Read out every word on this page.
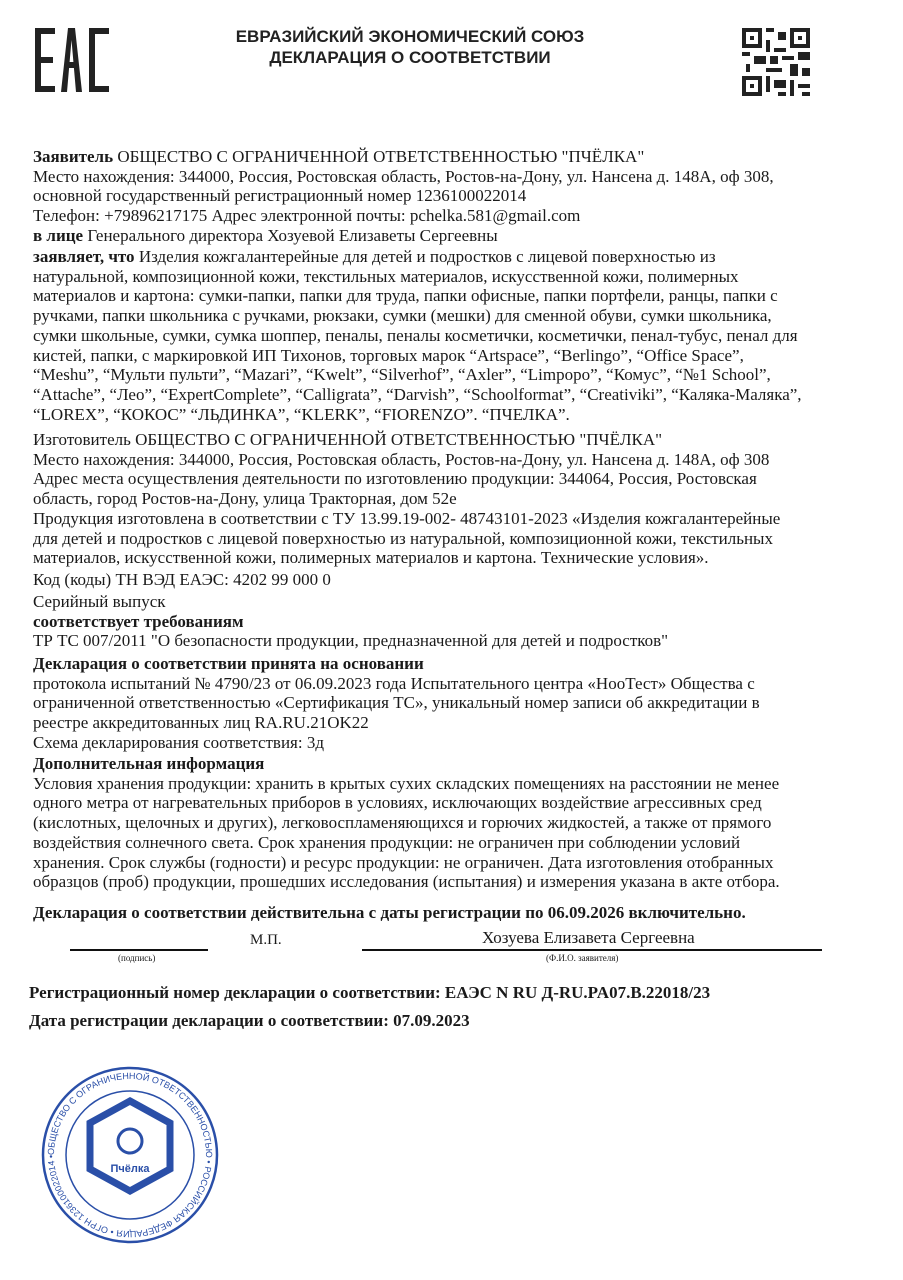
ЕВРАЗИЙСКИЙ ЭКОНОМИЧЕСКИЙ СОЮЗ
ДЕКЛАРАЦИЯ О СООТВЕТСТВИИ
Заявитель ОБЩЕСТВО С ОГРАНИЧЕННОЙ ОТВЕТСТВЕННОСТЬЮ "ПЧЁЛКА"
Место нахождения: 344000, Россия, Ростовская область, Ростов-на-Дону, ул. Нансена д. 148А, оф 308,
основной государственный регистрационный номер 1236100022014
Телефон: +79896217175 Адрес электронной почты: pchelka.581@gmail.com
в лице Генерального директора Хозуевой Елизаветы Сергеевны
заявляет, что Изделия кожгалантерейные для детей и подростков с лицевой поверхностью из
натуральной, композиционной кожи, текстильных материалов, искусственной кожи, полимерных
материалов и картона: сумки-папки, папки для труда, папки офисные, папки портфели, ранцы, папки с
ручками, папки школьника с ручками, рюкзаки, сумки (мешки) для сменной обуви, сумки школьника,
сумки школьные, сумки, сумка шоппер, пеналы, пеналы косметички, косметички, пенал-тубус, пенал для
кистей, папки, с маркировкой ИП Тихонов, торговых марок “Artspace”, “Berlingo”, “Office Space”,
“Meshu”, “Мульти пульти”, “Mazari”, “Kwelt”, “Silverhof”, “Axler”, “Limpopo”, “Комус”, “№1 School”,
“Attache”, “Лео”, “ExpertComplete”, “Calligrata”, “Darvish”, “Schoolformat”, “Creativiki”, “Каляка-Маляка”,
“LOREX”, “КОКОС” “ЛЬДИНКА”, “KLERK”, “FIORENZO”. “ПЧЕЛКА”.
Изготовитель ОБЩЕСТВО С ОГРАНИЧЕННОЙ ОТВЕТСТВЕННОСТЬЮ "ПЧЁЛКА"
Место нахождения: 344000, Россия, Ростовская область, Ростов-на-Дону, ул. Нансена д. 148А, оф 308
Адрес места осуществления деятельности по изготовлению продукции: 344064, Россия, Ростовская
область, город Ростов-на-Дону, улица Тракторная, дом 52е
Продукция изготовлена в соответствии с ТУ 13.99.19-002- 48743101-2023 «Изделия кожгалантерейные
для детей и подростков с лицевой поверхностью из натуральной, композиционной кожи, текстильных
материалов, искусственной кожи, полимерных материалов и картона. Технические условия».
Код (коды) ТН ВЭД ЕАЭС: 4202 99 000 0
Серийный выпуск
соответствует требованиям
ТР ТС 007/2011 "О безопасности продукции, предназначенной для детей и подростков"
Декларация о соответствии принята на основании
протокола испытаний № 4790/23 от 06.09.2023 года Испытательного центра «НооТест» Общества с
ограниченной ответственностью «Сертификация ТС», уникальный номер записи об аккредитации в
реестре аккредитованных лиц RA.RU.21OK22
Схема декларирования соответствия: 3д
Дополнительная информация
Условия хранения продукции: хранить в крытых сухих складских помещениях на расстоянии не менее
одного метра от нагревательных приборов в условиях, исключающих воздействие агрессивных сред
(кислотных, щелочных и других), легковоспламеняющихся и горючих жидкостей, а также от прямого
воздействия солнечного света. Срок хранения продукции: не ограничен при соблюдении условий
хранения. Срок службы (годности) и ресурс продукции: не ограничен. Дата изготовления отобранных
образцов (проб) продукции, прошедших исследования (испытания) и измерения указана в акте отбора.
Декларация о соответствии действительна с даты регистрации по 06.09.2026 включительно.
(подпись)
М.П.	Хозуева Елизавета Сергеевна
(Ф.И.О. заявителя)
Регистрационный номер декларации о соответствии: ЕАЭС N RU Д-RU.PA07.B.22018/23
Дата регистрации декларации о соответствии: 07.09.2023
ОБЩЕСТВО С ОГРАНИЧЕННОЙ ОТВЕТСТВЕННОСТЬЮ • РОССИЙСКАЯ ФЕДЕРАЦИЯ • ОГРН 1236100022014 •
Пчёлка
